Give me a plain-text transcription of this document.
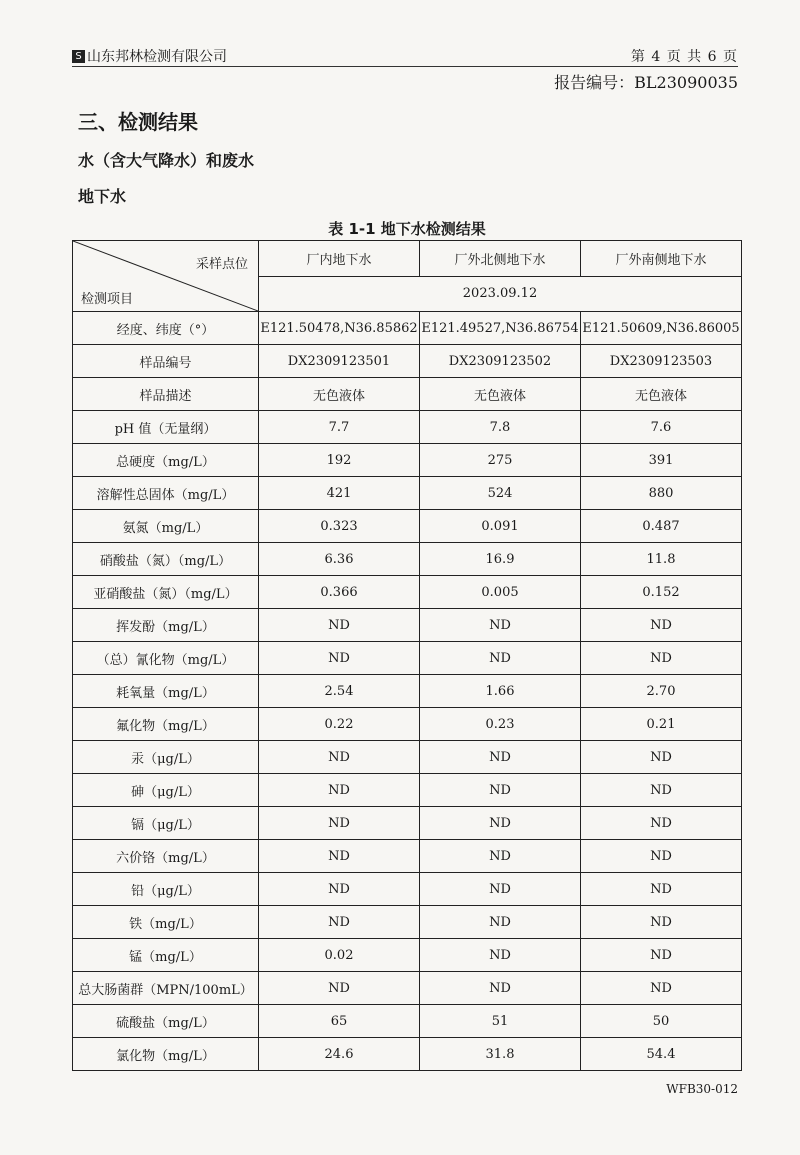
S 山东邦林检测有限公司	第 4 页 共 6 页
报告编号：BL23090035
三、检测结果
水（含大气降水）和废水
地下水
表 1-1 地下水检测结果
采样点位
检测项目	厂内地下水	厂外北侧地下水	厂外南侧地下水
	2023.09.12		
经度、纬度（°）	E121.50478,N36.85862	E121.49527,N36.86754	E121.50609,N36.86005
样品编号	DX2309123501	DX2309123502	DX2309123503
样品描述	无色液体	无色液体	无色液体
pH 值（无量纲）	7.7	7.8	7.6
总硬度（mg/L）	192	275	391
溶解性总固体（mg/L）	421	524	880
氨氮（mg/L）	0.323	0.091	0.487
硝酸盐（氮）（mg/L）	6.36	16.9	11.8
亚硝酸盐（氮）（mg/L）	0.366	0.005	0.152
挥发酚（mg/L）	ND	ND	ND
（总）氰化物（mg/L）	ND	ND	ND
耗氧量（mg/L）	2.54	1.66	2.70
氟化物（mg/L）	0.22	0.23	0.21
汞（μg/L）	ND	ND	ND
砷（μg/L）	ND	ND	ND
镉（μg/L）	ND	ND	ND
六价铬（mg/L）	ND	ND	ND
铅（μg/L）	ND	ND	ND
铁（mg/L）	ND	ND	ND
锰（mg/L）	0.02	ND	ND
总大肠菌群（MPN/100mL）	ND	ND	ND
硫酸盐（mg/L）	65	51	50
氯化物（mg/L）	24.6	31.8	54.4
WFB30-012
